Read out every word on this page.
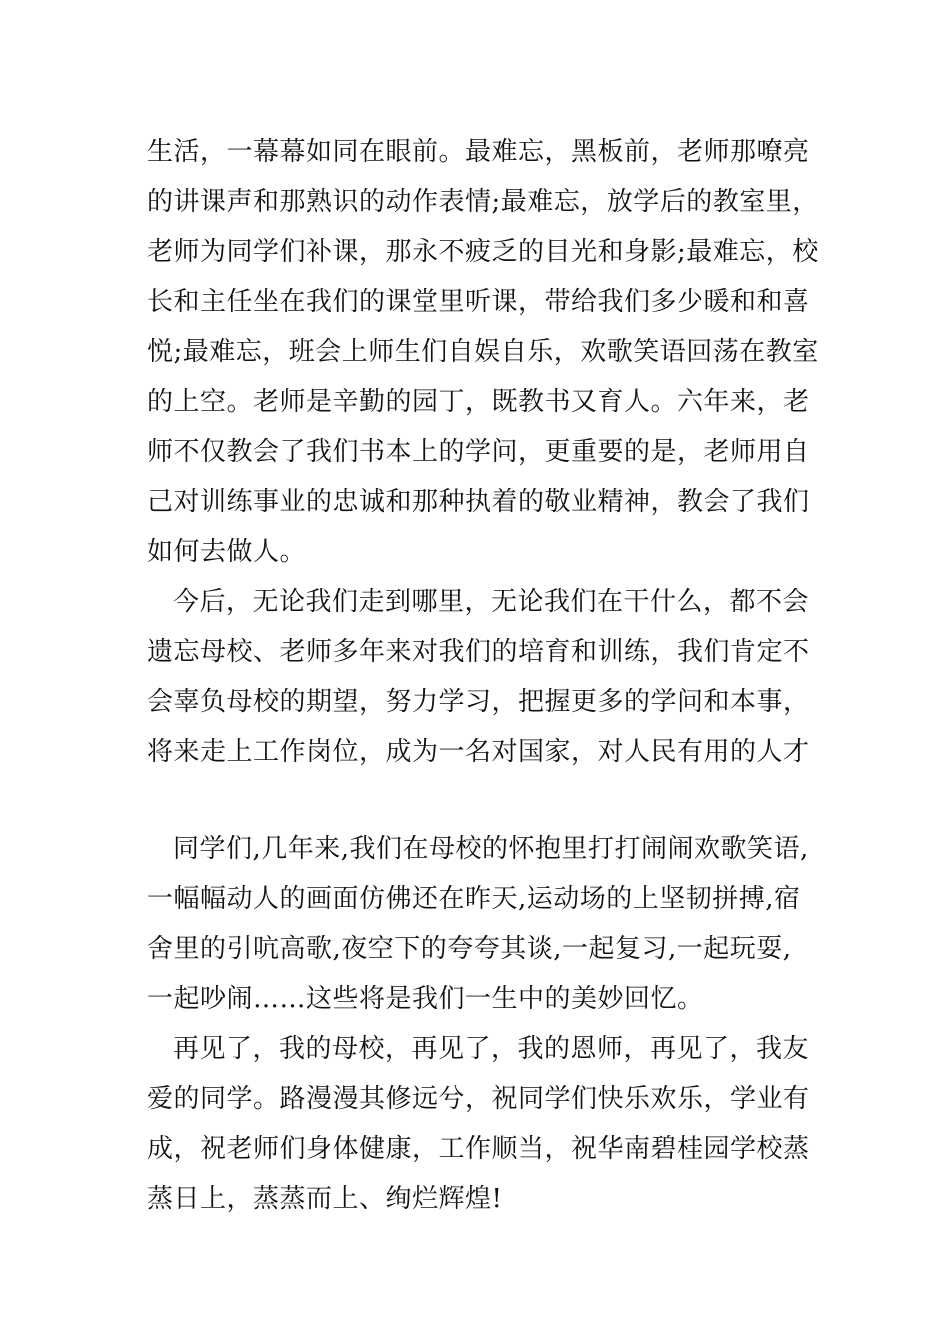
生活，一幕幕如同在眼前。最难忘，黑板前，老师那嘹亮
的讲课声和那熟识的动作表情;最难忘，放学后的教室里，
老师为同学们补课，那永不疲乏的目光和身影;最难忘，校
长和主任坐在我们的课堂里听课，带给我们多少暖和和喜
悦;最难忘，班会上师生们自娱自乐，欢歌笑语回荡在教室
的上空。老师是辛勤的园丁，既教书又育人。六年来，老
师不仅教会了我们书本上的学问，更重要的是，老师用自
己对训练事业的忠诚和那种执着的敬业精神，教会了我们
如何去做人。
今后，无论我们走到哪里，无论我们在干什么，都不会
遗忘母校、老师多年来对我们的培育和训练，我们肯定不
会辜负母校的期望，努力学习，把握更多的学问和本事，
将来走上工作岗位，成为一名对国家，对人民有用的人才
同学们,几年来,我们在母校的怀抱里打打闹闹欢歌笑语,
一幅幅动人的画面仿佛还在昨天,运动场的上坚韧拼搏,宿
舍里的引吭高歌,夜空下的夸夸其谈,一起复习,一起玩耍,
一起吵闹……这些将是我们一生中的美妙回忆。
再见了，我的母校，再见了，我的恩师，再见了，我友
爱的同学。路漫漫其修远兮，祝同学们快乐欢乐，学业有
成，祝老师们身体健康，工作顺当，祝华南碧桂园学校蒸
蒸日上，蒸蒸而上、绚烂辉煌!
